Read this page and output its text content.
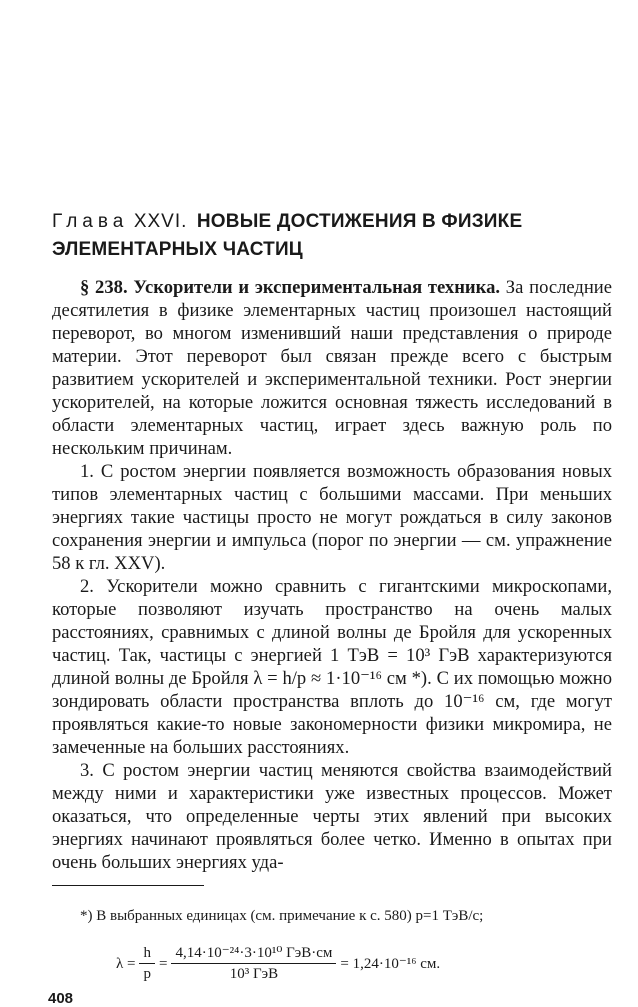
Глава XXVI. НОВЫЕ ДОСТИЖЕНИЯ В ФИЗИКЕ ЭЛЕМЕНТАРНЫХ ЧАСТИЦ

§ 238. Ускорители и экспериментальная техника. За последние десятилетия в физике элементарных частиц произошел настоящий переворот, во многом изменивший наши представления о природе материи. Этот переворот был связан прежде всего с быстрым развитием ускорителей и экспериментальной техники. Рост энергии ускорителей, на которые ложится основная тяжесть исследований в области элементарных частиц, играет здесь важную роль по нескольким причинам.

1. С ростом энергии появляется возможность образования новых типов элементарных частиц с большими массами. При меньших энергиях такие частицы просто не могут рождаться в силу законов сохранения энергии и импульса (порог по энергии — см. упражнение 58 к гл. XXV).

2. Ускорители можно сравнить с гигантскими микроскопами, которые позволяют изучать пространство на очень малых расстояниях, сравнимых с длиной волны де Бройля для ускоренных частиц. Так, частицы с энергией 1 ТэВ = 10³ ГэВ характеризуются длиной волны де Бройля λ = h/p ≈ 1·10⁻¹⁶ см *). С их помощью можно зондировать области пространства вплоть до 10⁻¹⁶ см, где могут проявляться какие-то новые закономерности физики микромира, не замеченные на больших расстояниях.

3. С ростом энергии частиц меняются свойства взаимодействий между ними и характеристики уже известных процессов. Может оказаться, что определенные черты этих явлений при высоких энергиях начинают проявляться более четко. Именно в опытах при очень больших энергиях уда-

*) В выбранных единицах (см. примечание к с. 580) p=1 ТэВ/c;
$\lambda = \frac{h}{p} = \frac{\text{4,14·10⁻²⁴·3·10¹⁰ ГэВ·см}}{\text{10³ ГэВ}} = 1,24\cdot 10^{-16}$ см.
408
